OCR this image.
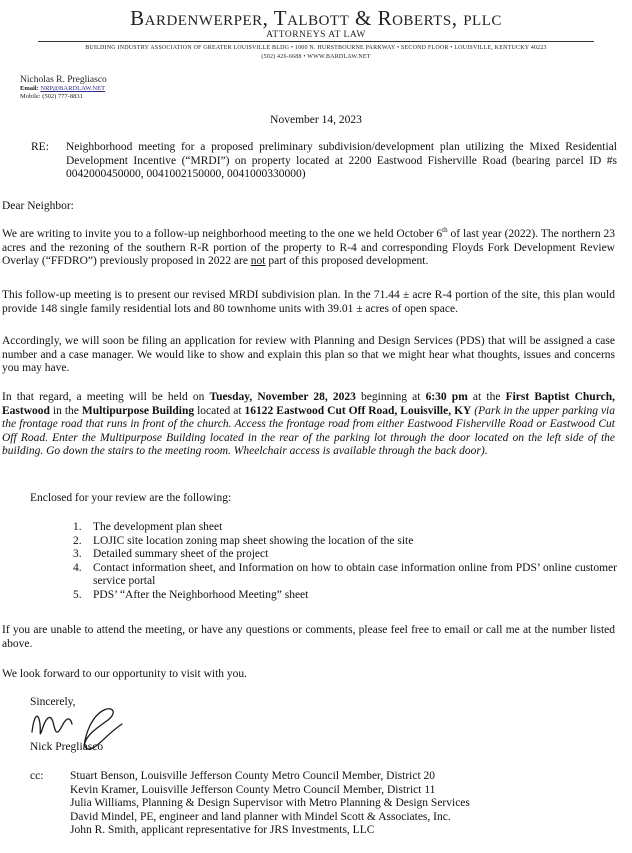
Bardenwerper, Talbott & Roberts, pllc
ATTORNEYS AT LAW
BUILDING INDUSTRY ASSOCIATION OF GREATER LOUISVILLE BLDG • 1000 N. HURSTBOURNE PARKWAY • SECOND FLOOR • LOUISVILLE, KENTUCKY 40223
(502) 426-6688 • WWW.BARDLAW.NET
Nicholas R. Pregliasco
Email: NRP@BARDLAW.NET
Mobile: (502) 777-8831
November 14, 2023
RE: Neighborhood meeting for a proposed preliminary subdivision/development plan utilizing the Mixed Residential Development Incentive (“MRDI”) on property located at 2200 Eastwood Fisherville Road (bearing parcel ID #s 0042000450000, 0041002150000, 0041000330000)

Dear Neighbor:

We are writing to invite you to a follow-up neighborhood meeting to the one we held October 6th of last year (2022). The northern 23 acres and the rezoning of the southern R-R portion of the property to R-4 and corresponding Floyds Fork Development Review Overlay (“FFDRO”) previously proposed in 2022 are not part of this proposed development.

This follow-up meeting is to present our revised MRDI subdivision plan. In the 71.44 ± acre R-4 portion of the site, this plan would provide 148 single family residential lots and 80 townhome units with 39.01 ± acres of open space.

Accordingly, we will soon be filing an application for review with Planning and Design Services (PDS) that will be assigned a case number and a case manager. We would like to show and explain this plan so that we might hear what thoughts, issues and concerns you may have.

In that regard, a meeting will be held on Tuesday, November 28, 2023 beginning at 6:30 pm at the First Baptist Church, Eastwood in the Multipurpose Building located at 16122 Eastwood Cut Off Road, Louisville, KY (Park in the upper parking via the frontage road that runs in front of the church. Access the frontage road from either Eastwood Fisherville Road or Eastwood Cut Off Road. Enter the Multipurpose Building located in the rear of the parking lot through the door located on the left side of the building. Go down the stairs to the meeting room. Wheelchair access is available through the back door).

Enclosed for your review are the following:
1. The development plan sheet
2. LOJIC site location zoning map sheet showing the location of the site
3. Detailed summary sheet of the project
4. Contact information sheet, and Information on how to obtain case information online from PDS’ online customer service portal
5. PDS’ “After the Neighborhood Meeting” sheet

If you are unable to attend the meeting, or have any questions or comments, please feel free to email or call me at the number listed above.

We look forward to our opportunity to visit with you.

Sincerely,
Nick Pregliasco
cc: Stuart Benson, Louisville Jefferson County Metro Council Member, District 20
Kevin Kramer, Louisville Jefferson County Metro Council Member, District 11
Julia Williams, Planning & Design Supervisor with Metro Planning & Design Services
David Mindel, PE, engineer and land planner with Mindel Scott & Associates, Inc.
John R. Smith, applicant representative for JRS Investments, LLC
